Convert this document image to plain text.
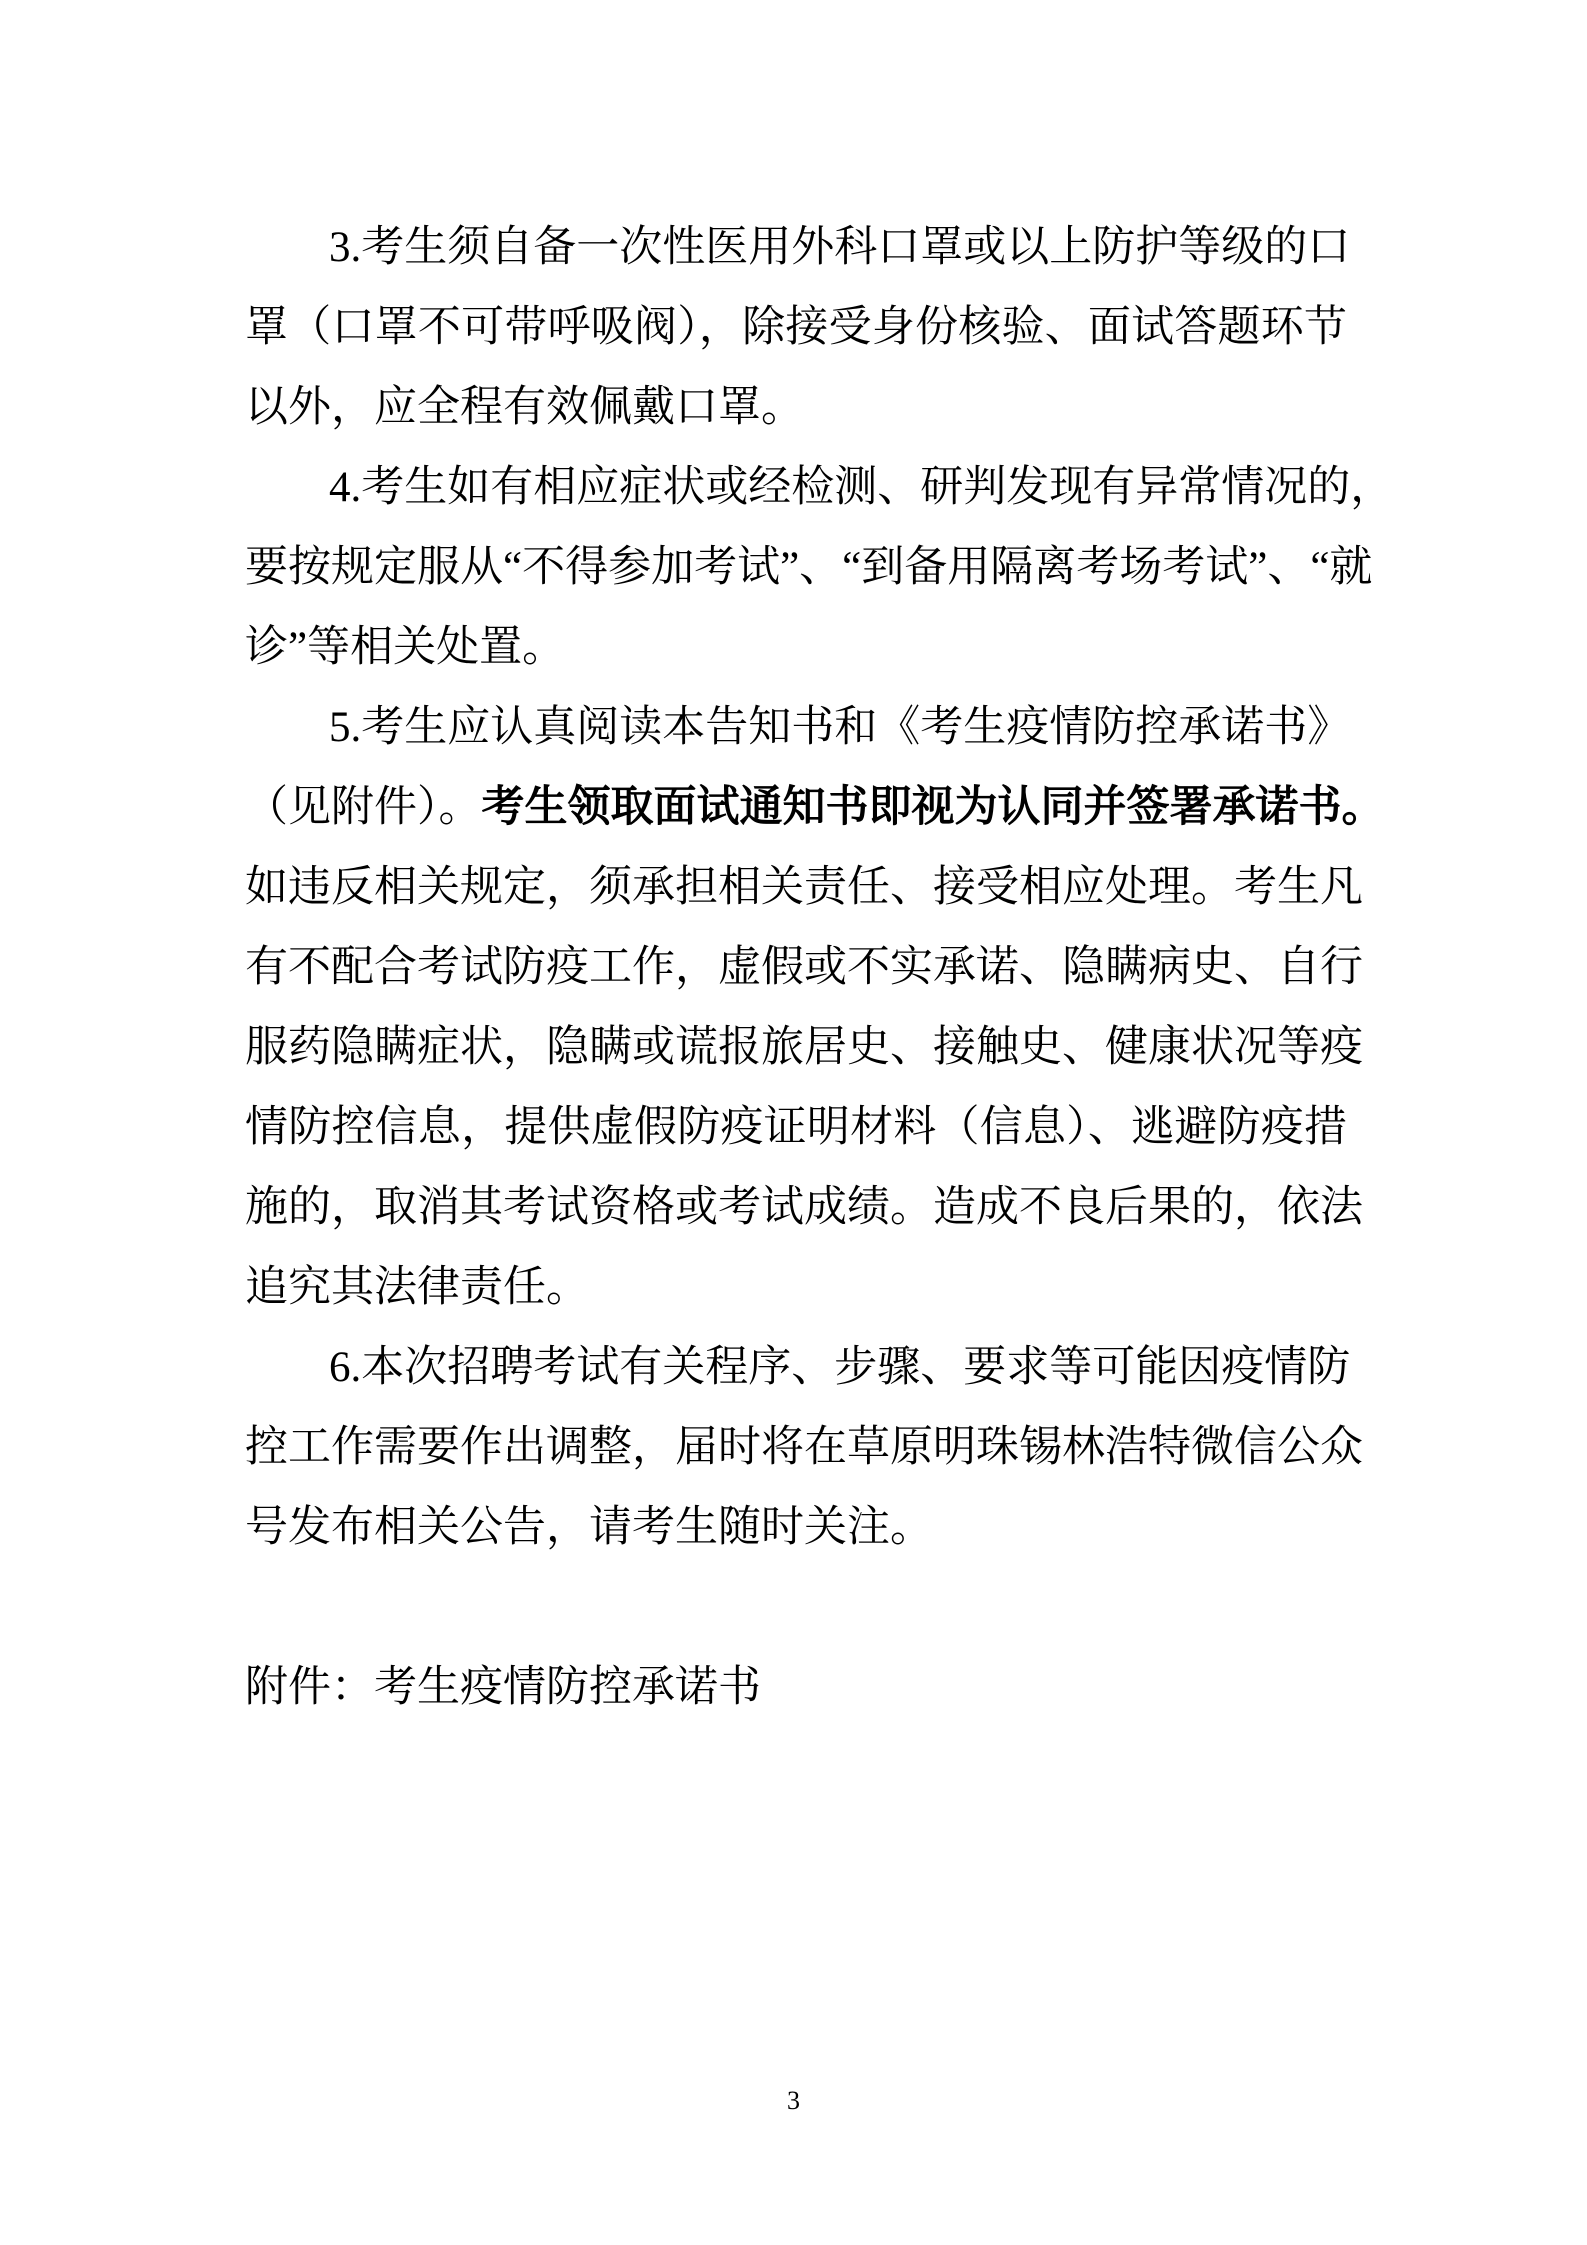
3.考生须自备一次性医用外科口罩或以上防护等级的口
罩（口罩不可带呼吸阀），除接受身份核验、面试答题环节
以外，应全程有效佩戴口罩。
4.考生如有相应症状或经检测、研判发现有异常情况的，
要按规定服从“不得参加考试”、“到备用隔离考场考试”、“就
诊”等相关处置。
5.考生应认真阅读本告知书和《考生疫情防控承诺书》
（见附件）。考生领取面试通知书即视为认同并签署承诺书。
如违反相关规定，须承担相关责任、接受相应处理。考生凡
有不配合考试防疫工作，虚假或不实承诺、隐瞒病史、自行
服药隐瞒症状，隐瞒或谎报旅居史、接触史、健康状况等疫
情防控信息，提供虚假防疫证明材料（信息）、逃避防疫措
施的，取消其考试资格或考试成绩。造成不良后果的，依法
追究其法律责任。
6.本次招聘考试有关程序、步骤、要求等可能因疫情防
控工作需要作出调整，届时将在草原明珠锡林浩特微信公众
号发布相关公告，请考生随时关注。
附件：考生疫情防控承诺书
3
